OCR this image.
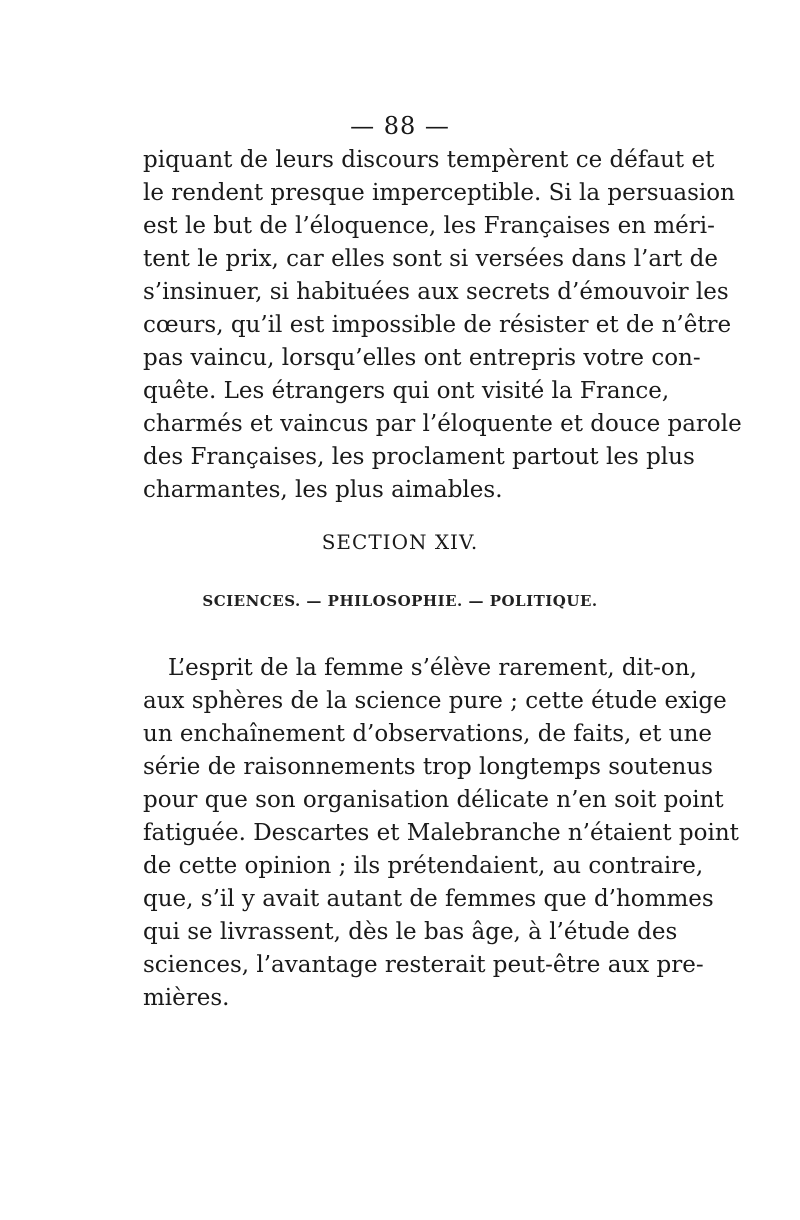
— 88 —
piquant de leurs discours tempèrent ce défaut et
le rendent presque imperceptible. Si la persuasion
est le but de l’éloquence, les Françaises en méri-
tent le prix, car elles sont si versées dans l’art de
s’insinuer, si habituées aux secrets d’émouvoir les
cœurs, qu’il est impossible de résister et de n’être
pas vaincu, lorsqu’elles ont entrepris votre con-
quête. Les étrangers qui ont visité la France,
charmés et vaincus par l’éloquente et douce parole
des Françaises, les proclament partout les plus
charmantes, les plus aimables.
SECTION XIV.
SCIENCES. — PHILOSOPHIE. — POLITIQUE.
L’esprit de la femme s’élève rarement, dit-on,
aux sphères de la science pure ; cette étude exige
un enchaînement d’observations, de faits, et une
série de raisonnements trop longtemps soutenus
pour que son organisation délicate n’en soit point
fatiguée. Descartes et Malebranche n’étaient point
de cette opinion ; ils prétendaient, au contraire,
que, s’il y avait autant de femmes que d’hommes
qui se livrassent, dès le bas âge, à l’étude des
sciences, l’avantage resterait peut-être aux pre-
mières.
